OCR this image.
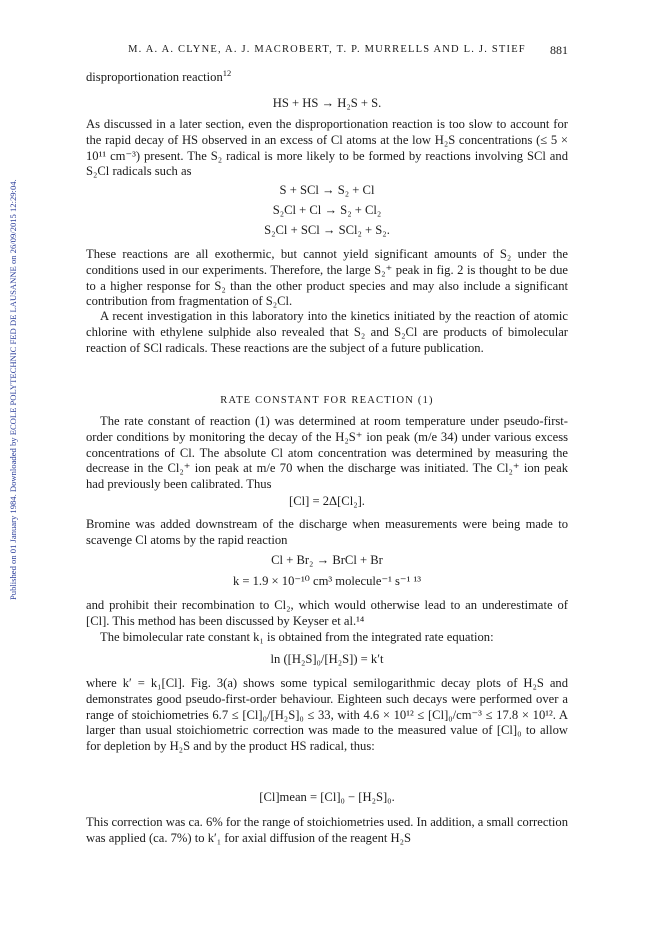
M. A. A. CLYNE, A. J. MACROBERT, T. P. MURRELLS AND L. J. STIEF 881
Published on 01 January 1984. Downloaded by ECOLE POLYTECHNIC FED DE LAUSANNE on 26/09/2015 12:29:04.

disproportionation reaction$^{12}$

HS + HS → H₂S + S.
As discussed in a later section, even the disproportionation reaction is too slow to account for the rapid decay of HS observed in an excess of Cl atoms at the low H₂S concentrations (≤ 5 × 10¹¹ cm⁻³) present. The S₂ radical is more likely to be formed by reactions involving SCl and S₂Cl radicals such as
S + SCl → S₂ + Cl
S₂Cl + Cl → S₂ + Cl₂
S₂Cl + SCl → SCl₂ + S₂.
These reactions are all exothermic, but cannot yield significant amounts of S₂ under the conditions used in our experiments. Therefore, the large S₂⁺ peak in fig. 2 is thought to be due to a higher response for S₂ than the other product species and may also include a significant contribution from fragmentation of S₂Cl.

A recent investigation in this laboratory into the kinetics initiated by the reaction of atomic chlorine with ethylene sulphide also revealed that S₂ and S₂Cl are products of bimolecular reaction of SCl radicals. These reactions are the subject of a future publication.

RATE CONSTANT FOR REACTION (1)

The rate constant of reaction (1) was determined at room temperature under pseudo-first-order conditions by monitoring the decay of the H₂S⁺ ion peak (m/e 34) under various excess concentrations of Cl. The absolute Cl atom concentration was determined by measuring the decrease in the Cl₂⁺ ion peak at m/e 70 when the discharge was initiated. The Cl₂⁺ ion peak had previously been calibrated. Thus

[Cl] = 2Δ[Cl₂].
Bromine was added downstream of the discharge when measurements were being made to scavenge Cl atoms by the rapid reaction
Cl + Br₂ → BrCl + Br
k = 1.9 × 10⁻¹⁰ cm³ molecule⁻¹ s⁻¹ ¹³
and prohibit their recombination to Cl₂, which would otherwise lead to an underestimate of [Cl]. This method has been discussed by Keyser et al.¹⁴

The bimolecular rate constant k₁ is obtained from the integrated rate equation:

ln ([H₂S]₀/[H₂S]) = k′t
where k′ = k₁[Cl]. Fig. 3(a) shows some typical semilogarithmic decay plots of H₂S and demonstrates good pseudo-first-order behaviour. Eighteen such decays were performed over a range of stoichiometries 6.7 ≤ [Cl]₀/[H₂S]₀ ≤ 33, with 4.6 × 10¹² ≤ [Cl]₀/cm⁻³ ≤ 17.8 × 10¹². A larger than usual stoichiometric correction was made to the measured value of [Cl]₀ to allow for depletion by H₂S and by the product HS radical, thus:
[Cl]mean = [Cl]₀ − [H₂S]₀.
This correction was ca. 6% for the range of stoichiometries used. In addition, a small correction was applied (ca. 7%) to k′₁ for axial diffusion of the reagent H₂S
